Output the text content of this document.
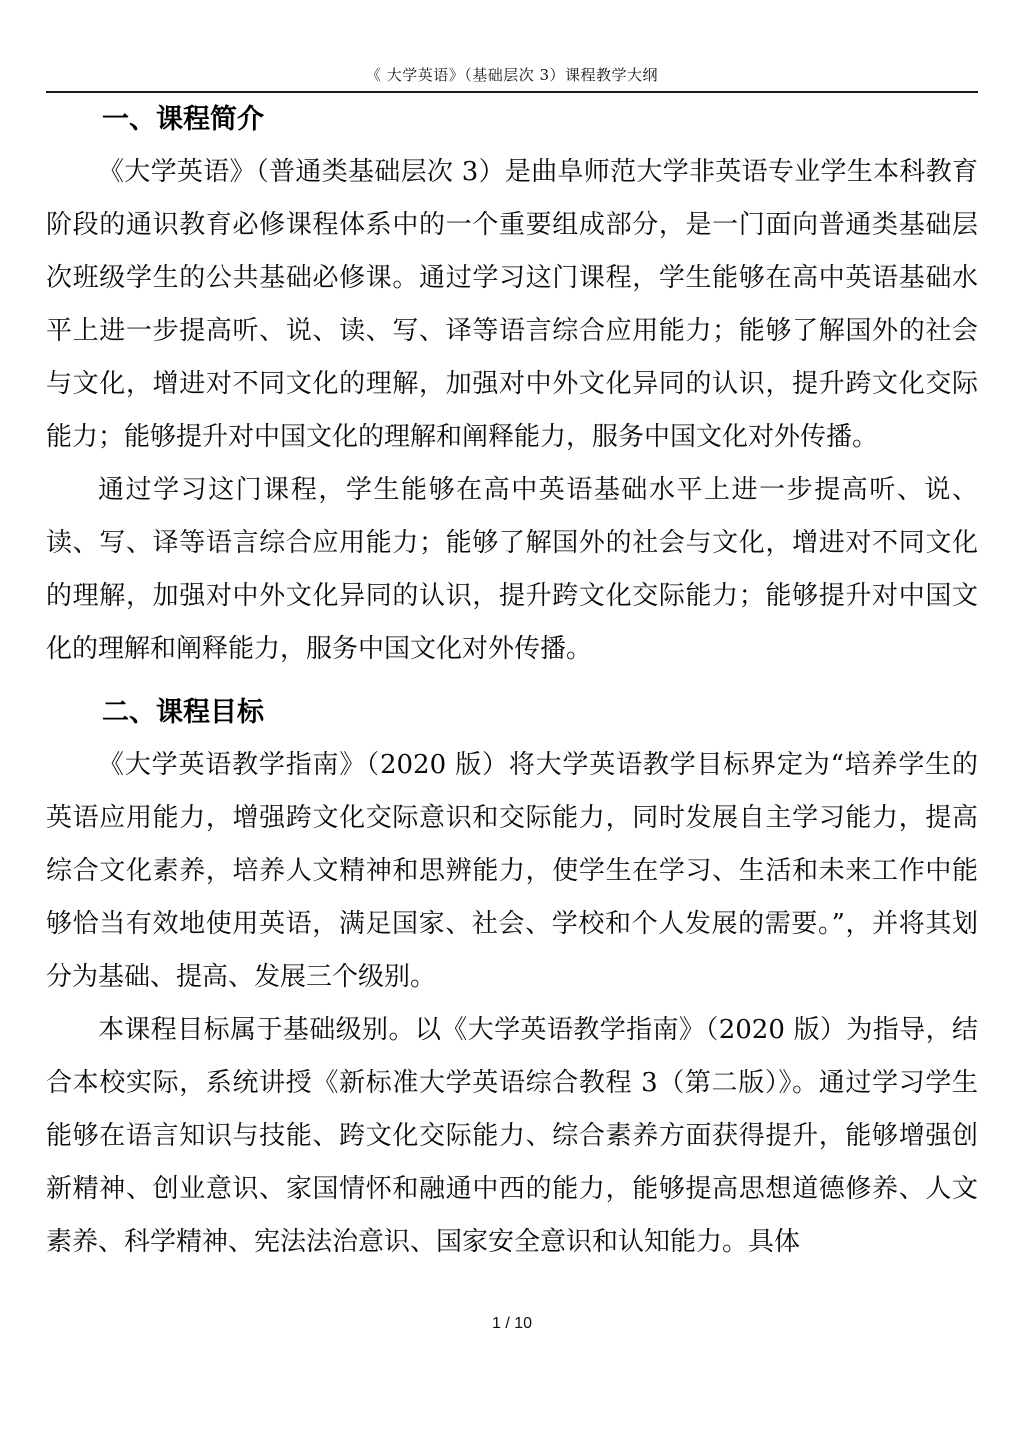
《 大学英语》（基础层次 3）课程教学大纲
一、课程简介

《大学英语》（普通类基础层次 3）是曲阜师范大学非英语专业学生本科教育阶段的通识教育必修课程体系中的一个重要组成部分，是一门面向普通类基础层次班级学生的公共基础必修课。通过学习这门课程，学生能够在高中英语基础水平上进一步提高听、说、读、写、译等语言综合应用能力；能够了解国外的社会与文化，增进对不同文化的理解，加强对中外文化异同的认识，提升跨文化交际能力；能够提升对中国文化的理解和阐释能力，服务中国文化对外传播。

通过学习这门课程，学生能够在高中英语基础水平上进一步提高听、说、读、写、译等语言综合应用能力；能够了解国外的社会与文化，增进对不同文化的理解，加强对中外文化异同的认识，提升跨文化交际能力；能够提升对中国文化的理解和阐释能力，服务中国文化对外传播。

二、课程目标

《大学英语教学指南》（2020 版）将大学英语教学目标界定为“培养学生的英语应用能力，增强跨文化交际意识和交际能力，同时发展自主学习能力，提高综合文化素养，培养人文精神和思辨能力，使学生在学习、生活和未来工作中能够恰当有效地使用英语，满足国家、社会、学校和个人发展的需要。”，并将其划分为基础、提高、发展三个级别。

本课程目标属于基础级别。以《大学英语教学指南》（2020 版）为指导，结合本校实际，系统讲授《新标准大学英语综合教程 3（第二版）》。通过学习学生能够在语言知识与技能、跨文化交际能力、综合素养方面获得提升，能够增强创新精神、创业意识、家国情怀和融通中西的能力，能够提高思想道德修养、人文素养、科学精神、宪法法治意识、国家安全意识和认知能力。具体

1 / 10
